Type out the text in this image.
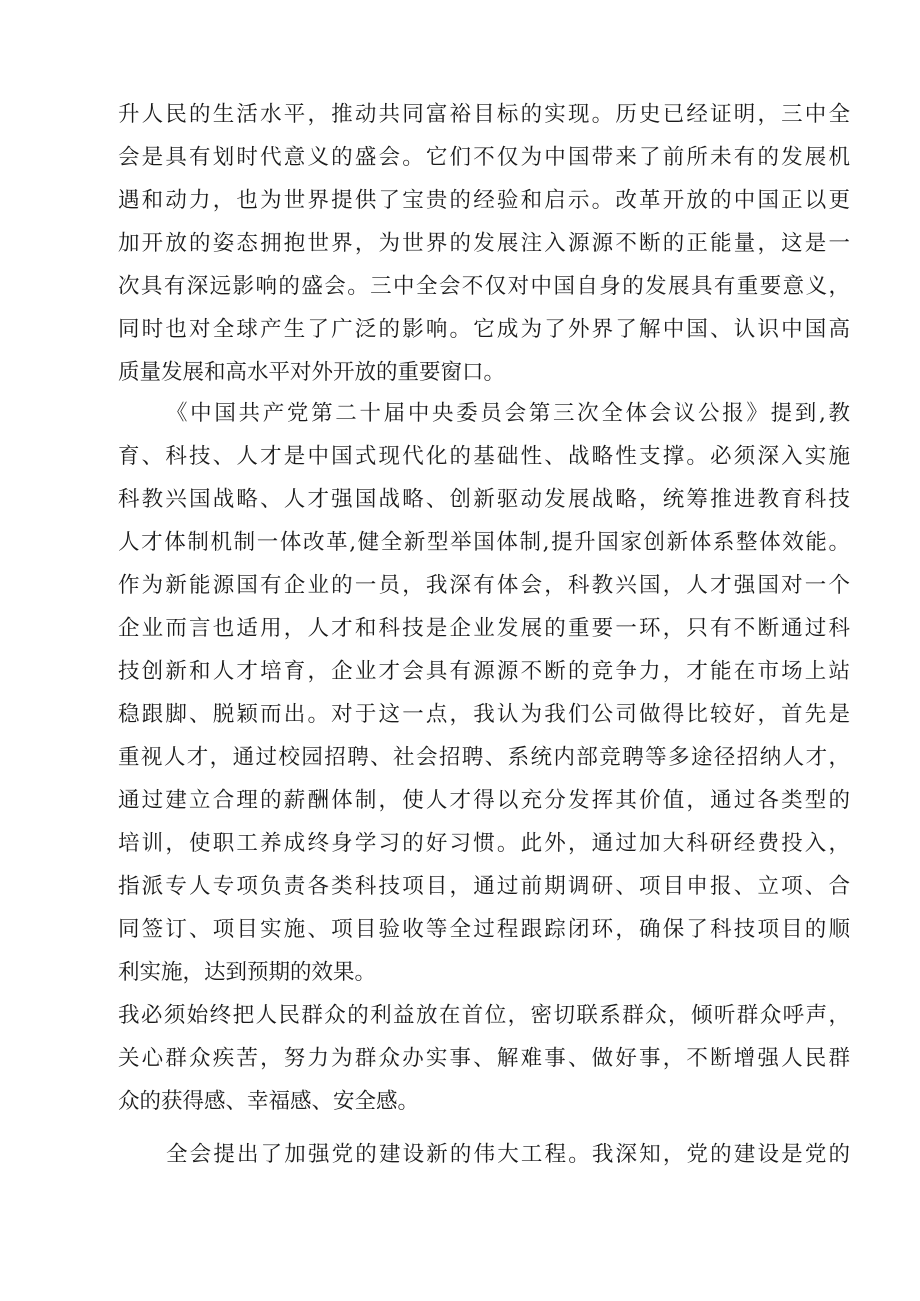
升人民的生活水平，推动共同富裕目标的实现。历史已经证明，三中全
会是具有划时代意义的盛会。它们不仅为中国带来了前所未有的发展机
遇和动力，也为世界提供了宝贵的经验和启示。改革开放的中国正以更
加开放的姿态拥抱世界，为世界的发展注入源源不断的正能量，这是一
次具有深远影响的盛会。三中全会不仅对中国自身的发展具有重要意义，
同时也对全球产生了广泛的影响。它成为了外界了解中国、认识中国高
质量发展和高水平对外开放的重要窗口。
《中国共产党第二十届中央委员会第三次全体会议公报》提到,教
育、科技、人才是中国式现代化的基础性、战略性支撑。必须深入实施
科教兴国战略、人才强国战略、创新驱动发展战略，统筹推进教育科技
人才体制机制一体改革,健全新型举国体制,提升国家创新体系整体效能。
作为新能源国有企业的一员，我深有体会，科教兴国，人才强国对一个
企业而言也适用，人才和科技是企业发展的重要一环，只有不断通过科
技创新和人才培育，企业才会具有源源不断的竞争力，才能在市场上站
稳跟脚、脱颖而出。对于这一点，我认为我们公司做得比较好，首先是
重视人才，通过校园招聘、社会招聘、系统内部竞聘等多途径招纳人才，
通过建立合理的薪酬体制，使人才得以充分发挥其价值，通过各类型的
培训，使职工养成终身学习的好习惯。此外，通过加大科研经费投入，
指派专人专项负责各类科技项目，通过前期调研、项目申报、立项、合
同签订、项目实施、项目验收等全过程跟踪闭环，确保了科技项目的顺
利实施，达到预期的效果。
我必须始终把人民群众的利益放在首位，密切联系群众，倾听群众呼声，
关心群众疾苦，努力为群众办实事、解难事、做好事，不断增强人民群
众的获得感、幸福感、安全感。
全会提出了加强党的建设新的伟大工程。我深知，党的建设是党的
